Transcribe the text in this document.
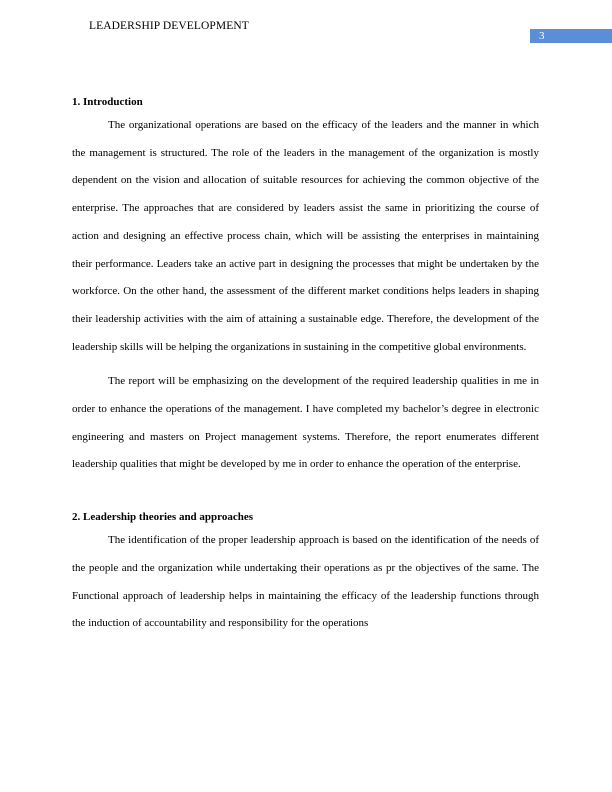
LEADERSHIP DEVELOPMENT
3
1. Introduction

The organizational operations are based on the efficacy of the leaders and the manner in which the management is structured. The role of the leaders in the management of the organization is mostly dependent on the vision and allocation of suitable resources for achieving the common objective of the enterprise. The approaches that are considered by leaders assist the same in prioritizing the course of action and designing an effective process chain, which will be assisting the enterprises in maintaining their performance. Leaders take an active part in designing the processes that might be undertaken by the workforce. On the other hand, the assessment of the different market conditions helps leaders in shaping their leadership activities with the aim of attaining a sustainable edge. Therefore, the development of the leadership skills will be helping the organizations in sustaining in the competitive global environments.

The report will be emphasizing on the development of the required leadership qualities in me in order to enhance the operations of the management. I have completed my bachelor’s degree in electronic engineering and masters on Project management systems. Therefore, the report enumerates different leadership qualities that might be developed by me in order to enhance the operation of the enterprise.

2. Leadership theories and approaches

The identification of the proper leadership approach is based on the identification of the needs of the people and the organization while undertaking their operations as pr the objectives of the same. The Functional approach of leadership helps in maintaining the efficacy of the leadership functions through the induction of accountability and responsibility for the operations
